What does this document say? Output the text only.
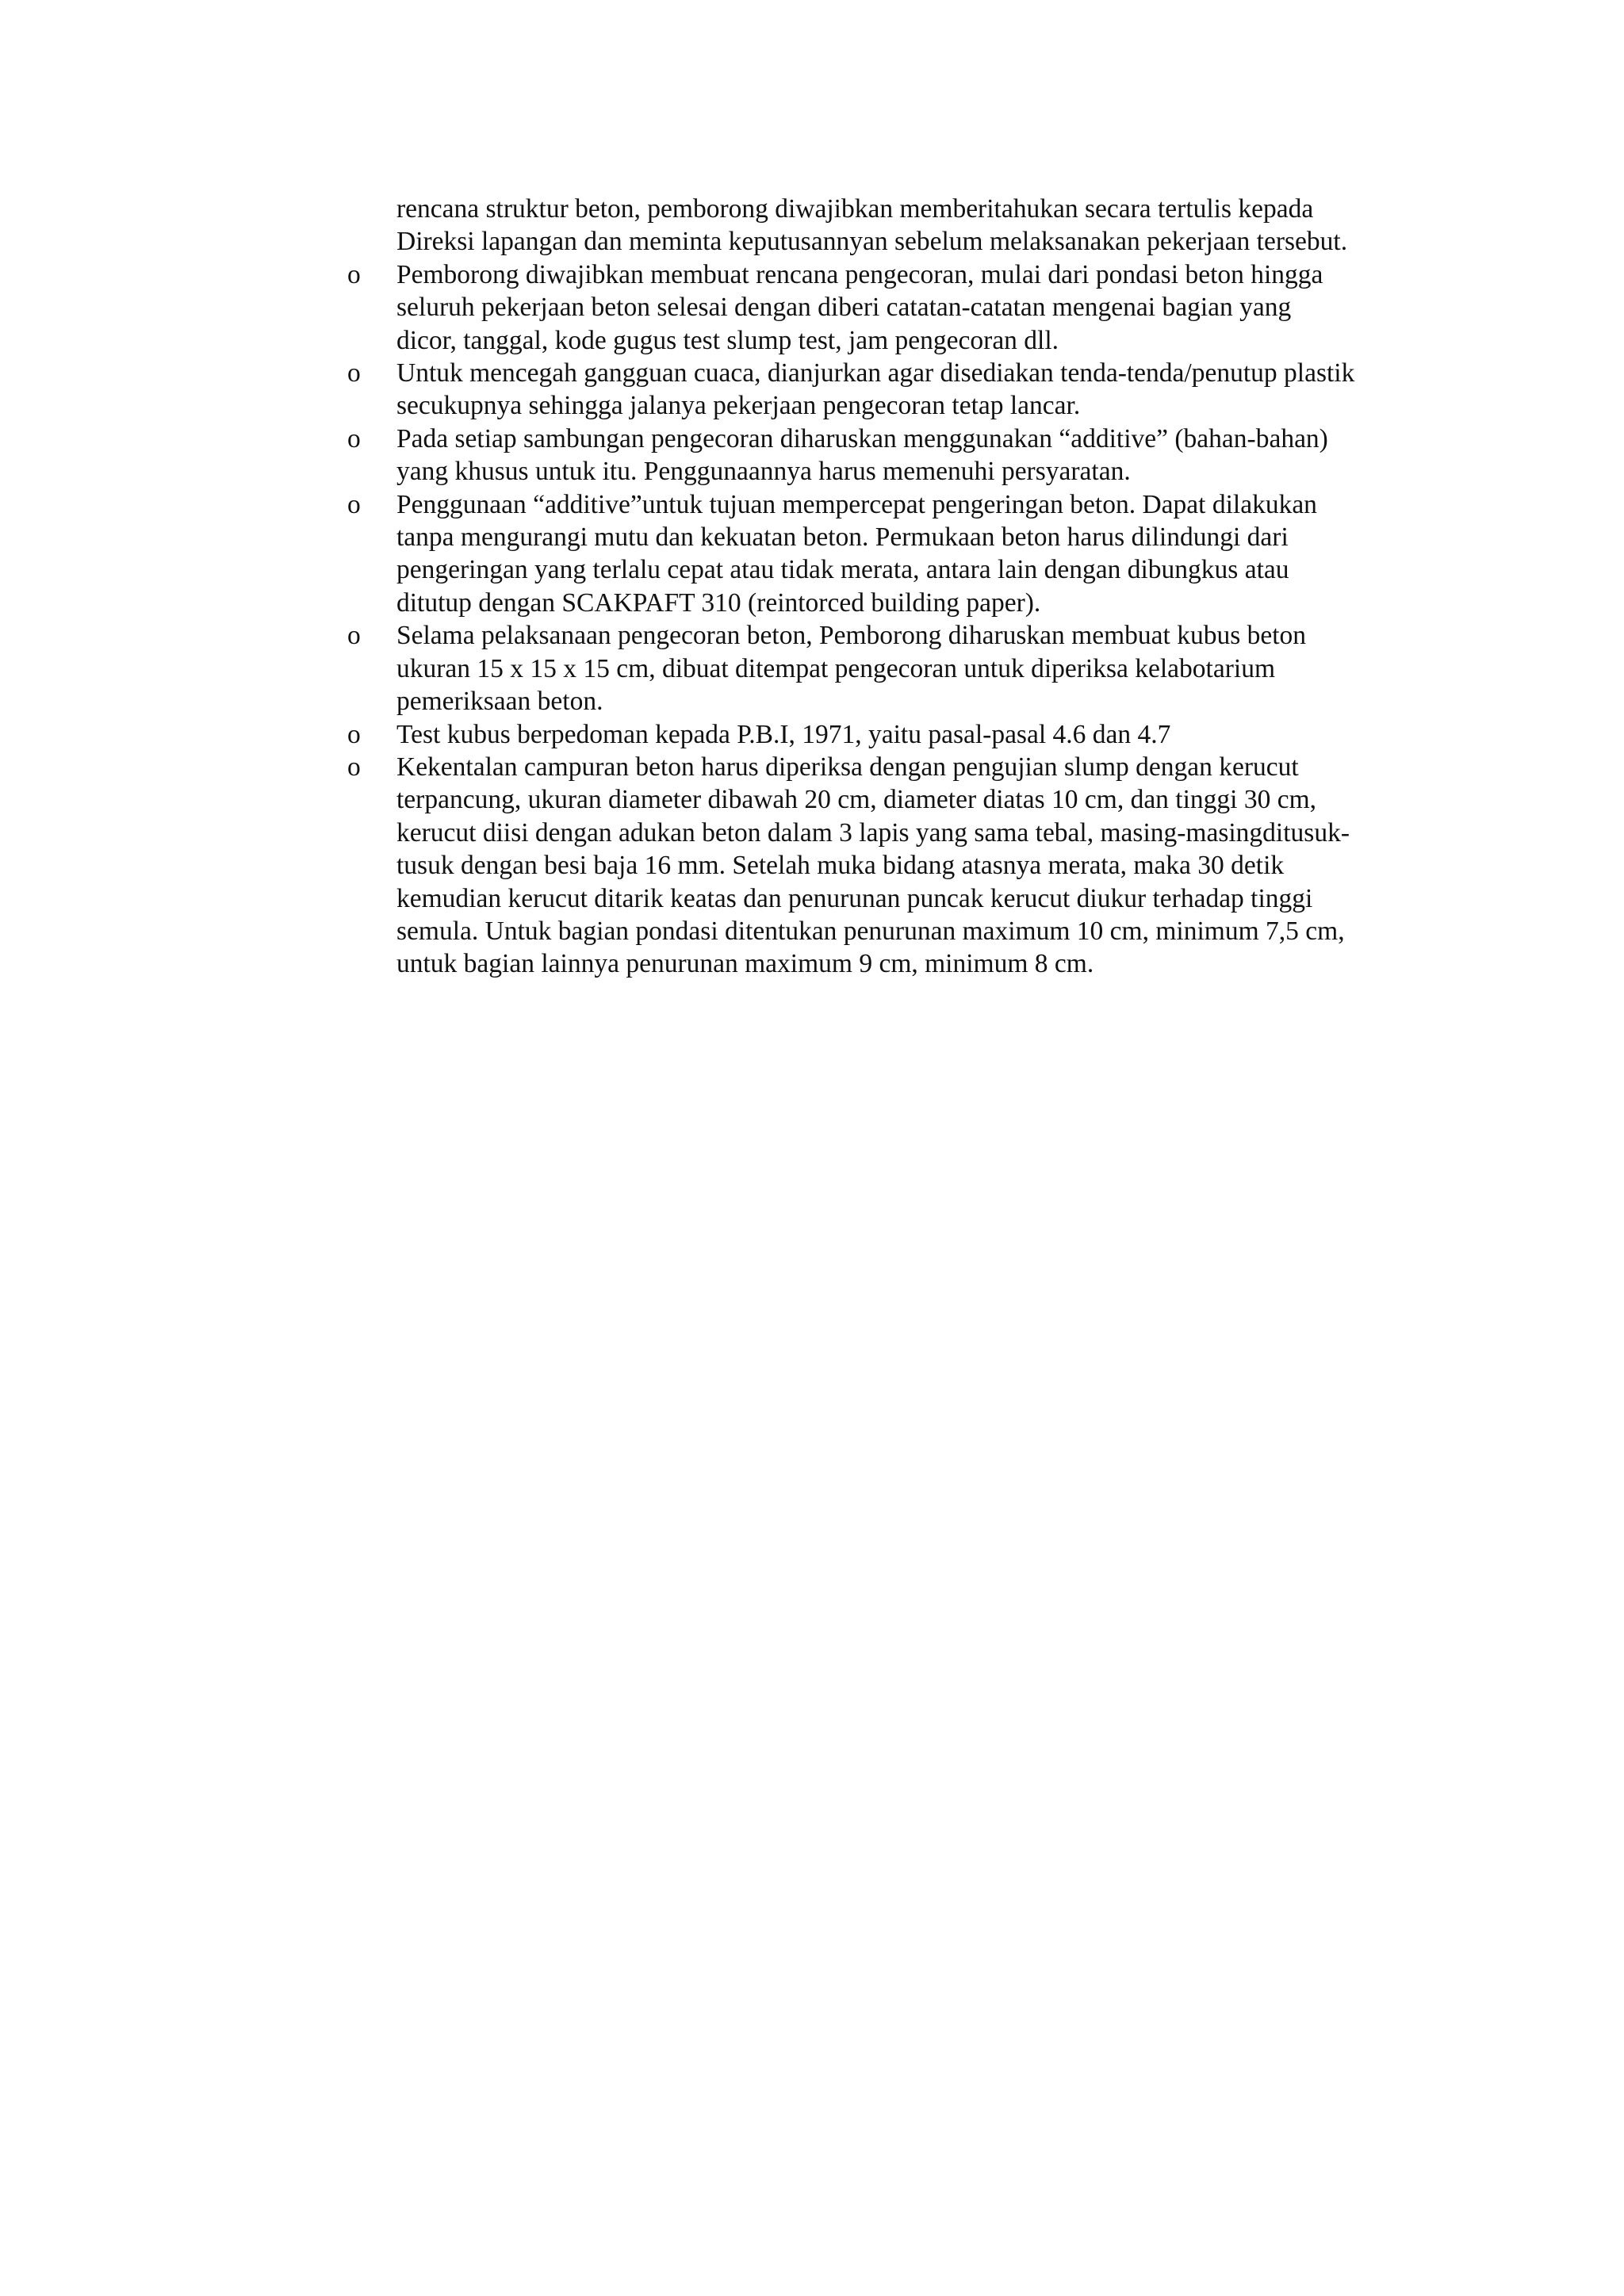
rencana struktur beton, pemborong diwajibkan memberitahukan secara tertulis kepada
Direksi lapangan dan meminta keputusannyan sebelum melaksanakan pekerjaan tersebut.
o	Pemborong diwajibkan membuat rencana pengecoran, mulai dari pondasi beton hingga
seluruh pekerjaan beton selesai dengan diberi catatan-catatan mengenai bagian yang
dicor, tanggal, kode gugus test slump test, jam pengecoran dll.
o	Untuk mencegah gangguan cuaca, dianjurkan agar disediakan tenda-tenda/penutup plastik
secukupnya sehingga jalanya pekerjaan pengecoran tetap lancar.
o	Pada setiap sambungan pengecoran diharuskan menggunakan “additive” (bahan-bahan)
yang khusus untuk itu. Penggunaannya harus memenuhi persyaratan.
o	Penggunaan “additive”untuk tujuan mempercepat pengeringan beton. Dapat dilakukan
tanpa mengurangi mutu dan kekuatan beton. Permukaan beton harus dilindungi dari
pengeringan yang terlalu cepat atau tidak merata, antara lain dengan dibungkus atau
ditutup dengan SCAKPAFT 310 (reintorced building paper).
o	Selama pelaksanaan pengecoran beton, Pemborong diharuskan membuat kubus beton
ukuran 15 x 15 x 15 cm, dibuat ditempat pengecoran untuk diperiksa kelabotarium
pemeriksaan beton.
o	Test kubus berpedoman kepada P.B.I, 1971, yaitu pasal-pasal 4.6 dan 4.7
o	Kekentalan campuran beton harus diperiksa dengan pengujian slump dengan kerucut
terpancung, ukuran diameter dibawah 20 cm, diameter diatas 10 cm, dan tinggi 30 cm,
kerucut diisi dengan adukan beton dalam 3 lapis yang sama tebal, masing-masingditusuk-
tusuk dengan besi baja 16 mm. Setelah muka bidang atasnya merata, maka 30 detik
kemudian kerucut ditarik keatas dan penurunan puncak kerucut diukur terhadap tinggi
semula. Untuk bagian pondasi ditentukan penurunan maximum 10 cm, minimum 7,5 cm,
untuk bagian lainnya penurunan maximum 9 cm, minimum 8 cm.
